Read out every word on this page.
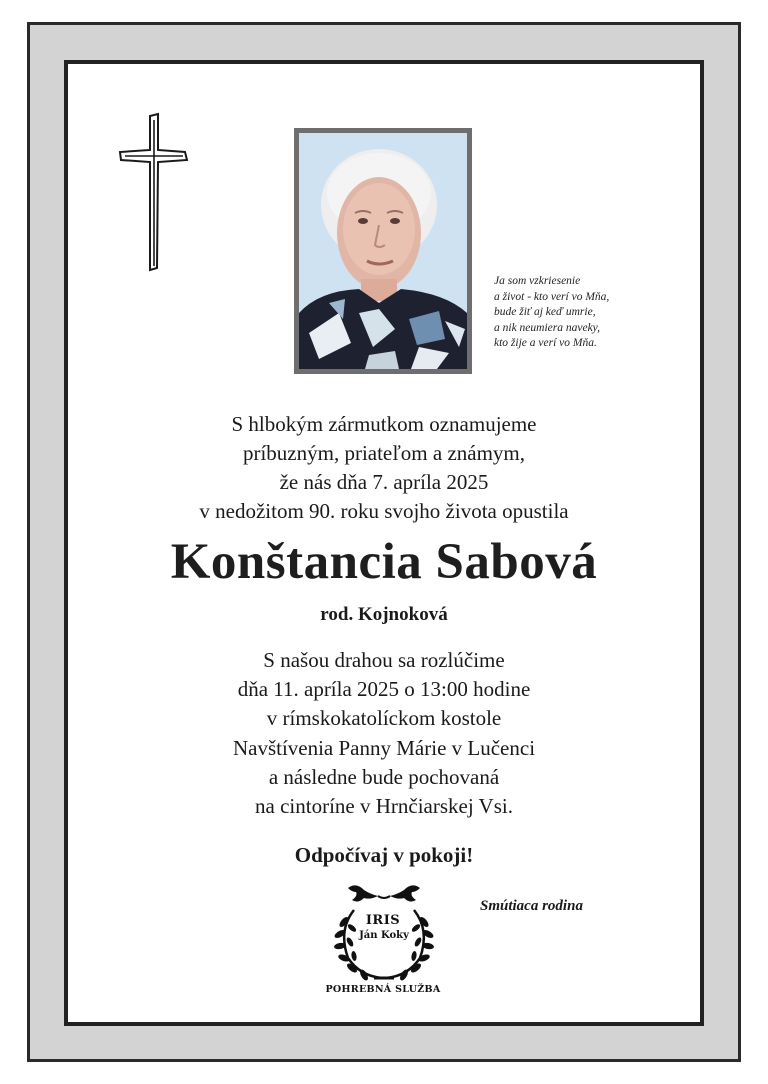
Ja som vzkriesenie
a život - kto verí vo Mňa,
bude žiť aj keď umrie,
a nik neumiera naveky,
kto žije a verí vo Mňa.
S hlbokým zármutkom oznamujeme
príbuzným, priateľom a známym,
že nás dňa 7. apríla 2025
v nedožitom 90. roku svojho života opustila
Konštancia Sabová
rod. Kojnoková
S našou drahou sa rozlúčime
dňa 11. apríla 2025 o 13:00 hodine
v rímskokatolíckom kostole
Navštívenia Panny Márie v Lučenci
a následne bude pochovaná
na cintoríne v Hrnčiarskej Vsi.
Odpočívaj v pokoji!
Smútiaca rodina
IRIS
Ján Koky
POHREBNÁ SLUŽBA
